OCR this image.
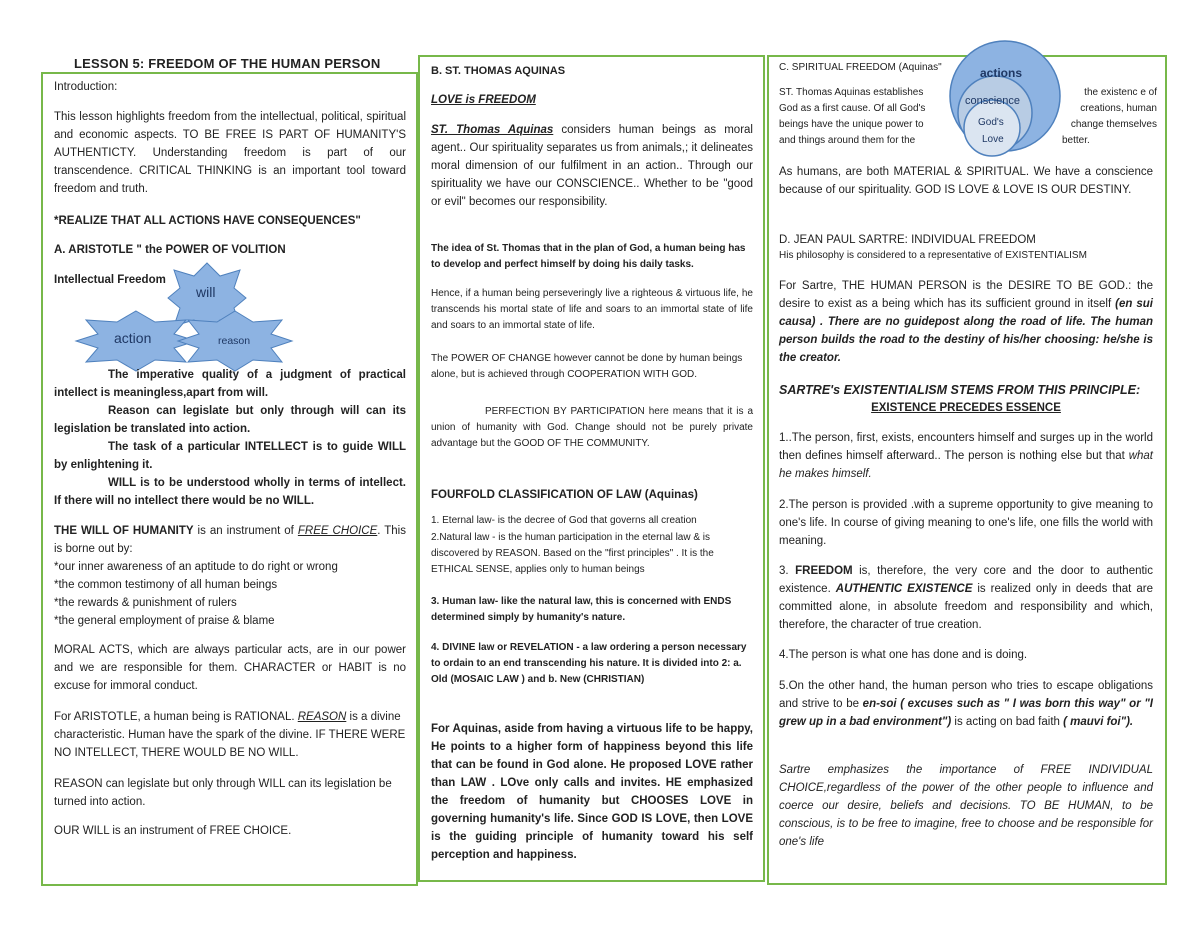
LESSON 5: FREEDOM OF THE HUMAN PERSON

Introduction:

This lesson highlights freedom from the intellectual, political, spiritual and economic aspects. TO BE FREE IS PART OF HUMANITY'S AUTHENTICTY. Understanding freedom is part of our transcendence. CRITICAL THINKING is an important tool toward freedom and truth.

*REALIZE THAT ALL ACTIONS HAVE CONSEQUENCES"

A. ARISTOTLE " the POWER OF VOLITION

Intellectual Freedom

will
action	reason

The imperative quality of a judgment of practical intellect is meaningless,apart from will.

Reason can legislate but only through will can its legislation be translated into action.

The task of a particular INTELLECT is to guide WILL by enlightening it.

WILL is to be understood wholly in terms of intellect. If there will no intellect there would be no WILL.

THE WILL OF HUMANITY is an instrument of FREE CHOICE. This is borne out by:

*our inner awareness of an aptitude to do right or wrong

*the common testimony of all human beings

*the rewards & punishment of rulers

*the general employment of praise & blame

MORAL ACTS, which are always particular acts, are in our power and we are responsible for them. CHARACTER or HABIT is no excuse for immoral conduct.

For ARISTOTLE, a human being is RATIONAL. REASON is a divine characteristic. Human have the spark of the divine. IF THERE WERE NO INTELLECT, THERE WOULD BE NO WILL.

REASON can legislate but only through WILL can its legislation be turned into action.

OUR WILL is an instrument of FREE CHOICE.

B. ST. THOMAS AQUINAS

LOVE is FREEDOM

ST. Thomas Aquinas considers human beings as moral agent.. Our spirituality separates us from animals,; it delineates moral dimension of our fulfilment in an action.. Through our spirituality we have our CONSCIENCE.. Whether to be "good or evil" becomes our responsibility.

The idea of St. Thomas that in the plan of God, a human being has to develop and perfect himself by doing his daily tasks.

Hence, if a human being perseveringly live a righteous & virtuous life, he transcends his mortal state of life and soars to an immortal state of life and soars to an immortal state of life.

The POWER OF CHANGE however cannot be done by human beings alone, but is achieved through COOPERATION WITH GOD.

PERFECTION BY PARTICIPATION here means that it is a union of humanity with God. Change should not be purely private advantage but the GOOD OF THE COMMUNITY.

FOURFOLD CLASSIFICATION OF LAW (Aquinas)

1. Eternal law- is the decree of God that governs all creation

2.Natural law - is the human participation in the eternal law & is discovered by REASON. Based on the "first principles" . It is the ETHICAL SENSE, applies only to human beings

3. Human law- like the natural law, this is concerned with ENDS determined simply by humanity's nature.

4. DIVINE law or REVELATION - a law ordering a person necessary to ordain to an end transcending his nature. It is divided into 2: a. Old (MOSAIC LAW ) and b. New (CHRISTIAN)

For Aquinas, aside from having a virtuous life to be happy, He points to a higher form of happiness beyond this life that can be found in God alone. He proposed LOVE rather than LAW . LOve only calls and invites. HE emphasized the freedom of humanity but CHOOSES LOVE in governing humanity's life. Since GOD IS LOVE, then LOVE is the guiding principle of humanity toward his self perception and happiness.

C. SPIRITUAL FREEDOM (Aquinas"	actions
conscience
God's
Love

ST. Thomas Aquinas establishes

God as a first cause. Of all God's

beings have the unique power to

and things around them for the

the existenc e of

creations, human

change themselves

better.

As humans, are both MATERIAL & SPIRITUAL. We have a conscience because of our spirituality. GOD IS LOVE & LOVE IS OUR DESTINY.

D. JEAN PAUL SARTRE: INDIVIDUAL FREEDOM

His philosophy is considered to a representative of EXISTENTIALISM

For Sartre, THE HUMAN PERSON is the DESIRE TO BE GOD.: the desire to exist as a being which has its sufficient ground in itself (en sui causa) . There are no guidepost along the road of life. The human person builds the road to the destiny of his/her choosing: he/she is the creator.

SARTRE's EXISTENTIALISM STEMS FROM THIS PRINCIPLE:

EXISTENCE PRECEDES ESSENCE

1..The person, first, exists, encounters himself and surges up in the world then defines himself afterward.. The person is nothing else but that what he makes himself.

2.The person is provided .with a supreme opportunity to give meaning to one's life. In course of giving meaning to one's life, one fills the world with meaning.

3. FREEDOM is, therefore, the very core and the door to authentic existence. AUTHENTIC EXISTENCE is realized only in deeds that are committed alone, in absolute freedom and responsibility and which, therefore, the character of true creation.

4.The person is what one has done and is doing.

5.On the other hand, the human person who tries to escape obligations and strive to be en-soi ( excuses such as " I was born this way" or "I grew up in a bad environment") is acting on bad faith ( mauvi foi").

Sartre emphasizes the importance of FREE INDIVIDUAL CHOICE,regardless of the power of the other people to influence and coerce our desire, beliefs and decisions. TO BE HUMAN, to be conscious, is to be free to imagine, free to choose and be responsible for one's life
